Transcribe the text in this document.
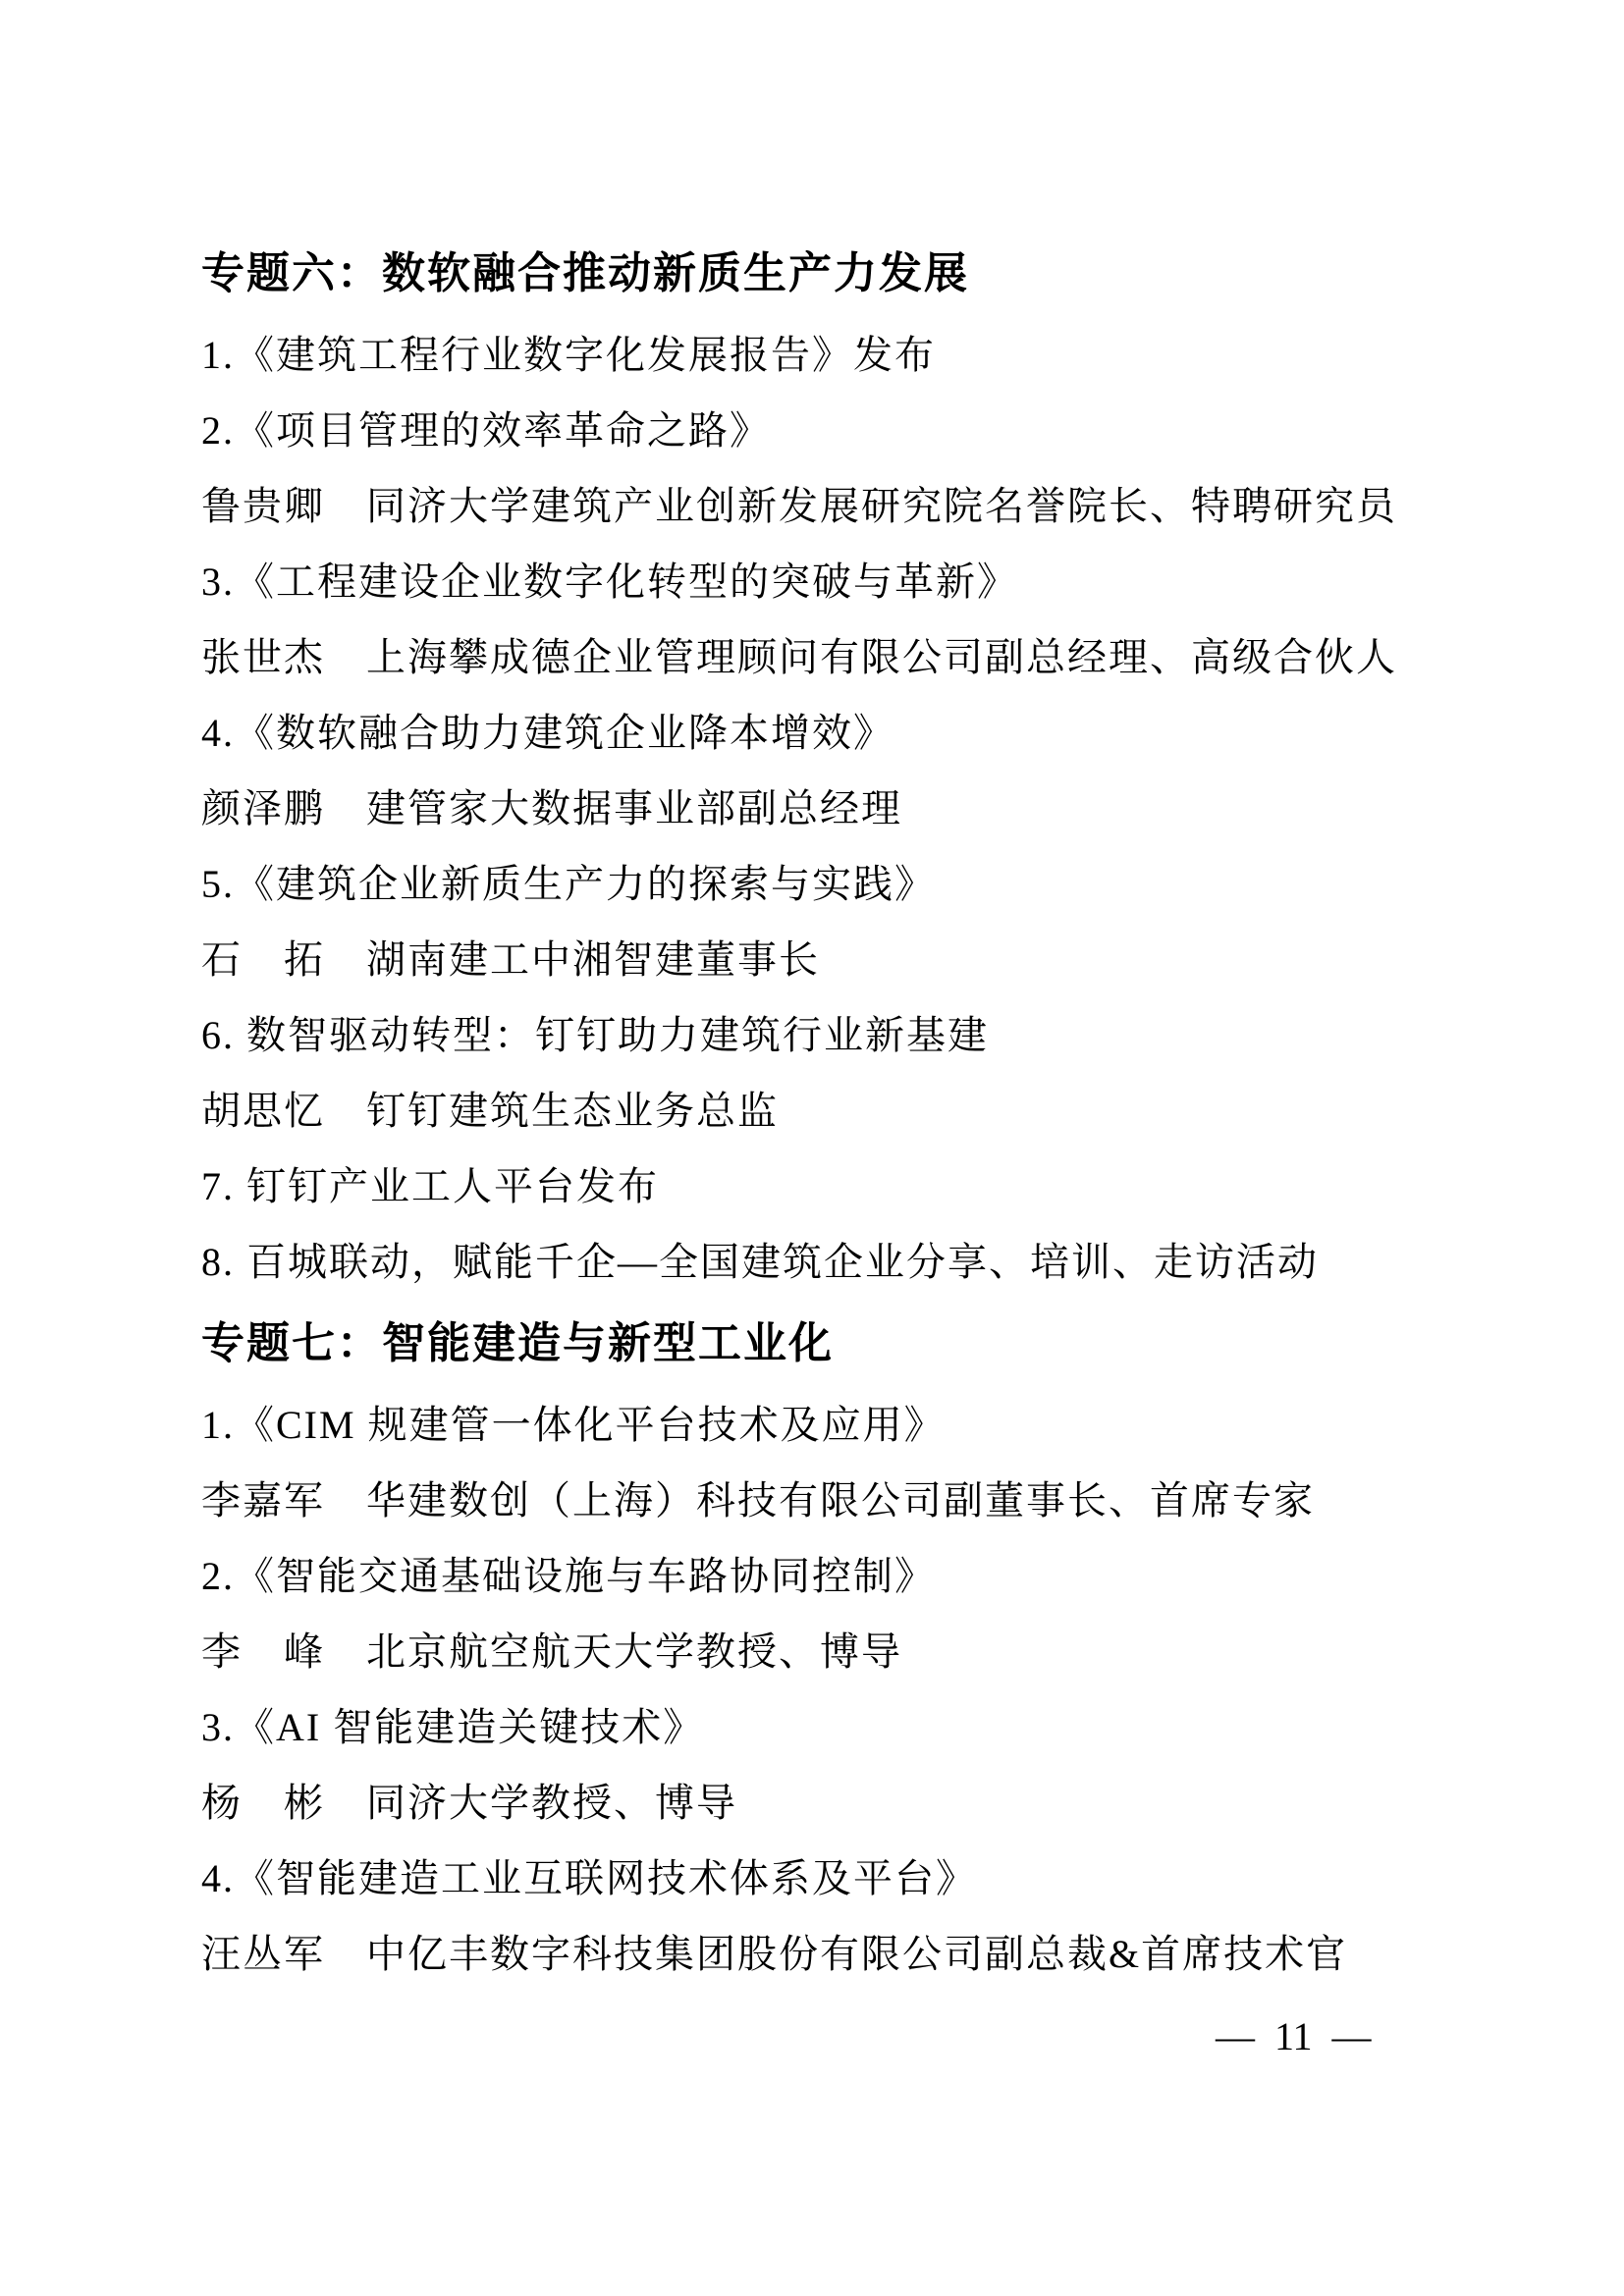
专题六：数软融合推动新质生产力发展

1.《建筑工程行业数字化发展报告》发布

2.《项目管理的效率革命之路》

鲁贵卿　同济大学建筑产业创新发展研究院名誉院长、特聘研究员

3.《工程建设企业数字化转型的突破与革新》

张世杰　上海攀成德企业管理顾问有限公司副总经理、高级合伙人

4.《数软融合助力建筑企业降本增效》

颜泽鹏　建管家大数据事业部副总经理

5.《建筑企业新质生产力的探索与实践》

石　拓　湖南建工中湘智建董事长

6. 数智驱动转型：钉钉助力建筑行业新基建

胡思忆　钉钉建筑生态业务总监

7. 钉钉产业工人平台发布

8. 百城联动，赋能千企—全国建筑企业分享、培训、走访活动

专题七：智能建造与新型工业化

1.《CIM 规建管一体化平台技术及应用》

李嘉军　华建数创（上海）科技有限公司副董事长、首席专家

2.《智能交通基础设施与车路协同控制》

李　峰　北京航空航天大学教授、博导

3.《AI 智能建造关键技术》

杨　彬　同济大学教授、博导

4.《智能建造工业互联网技术体系及平台》

汪丛军　中亿丰数字科技集团股份有限公司副总裁&首席技术官

— 11 —
